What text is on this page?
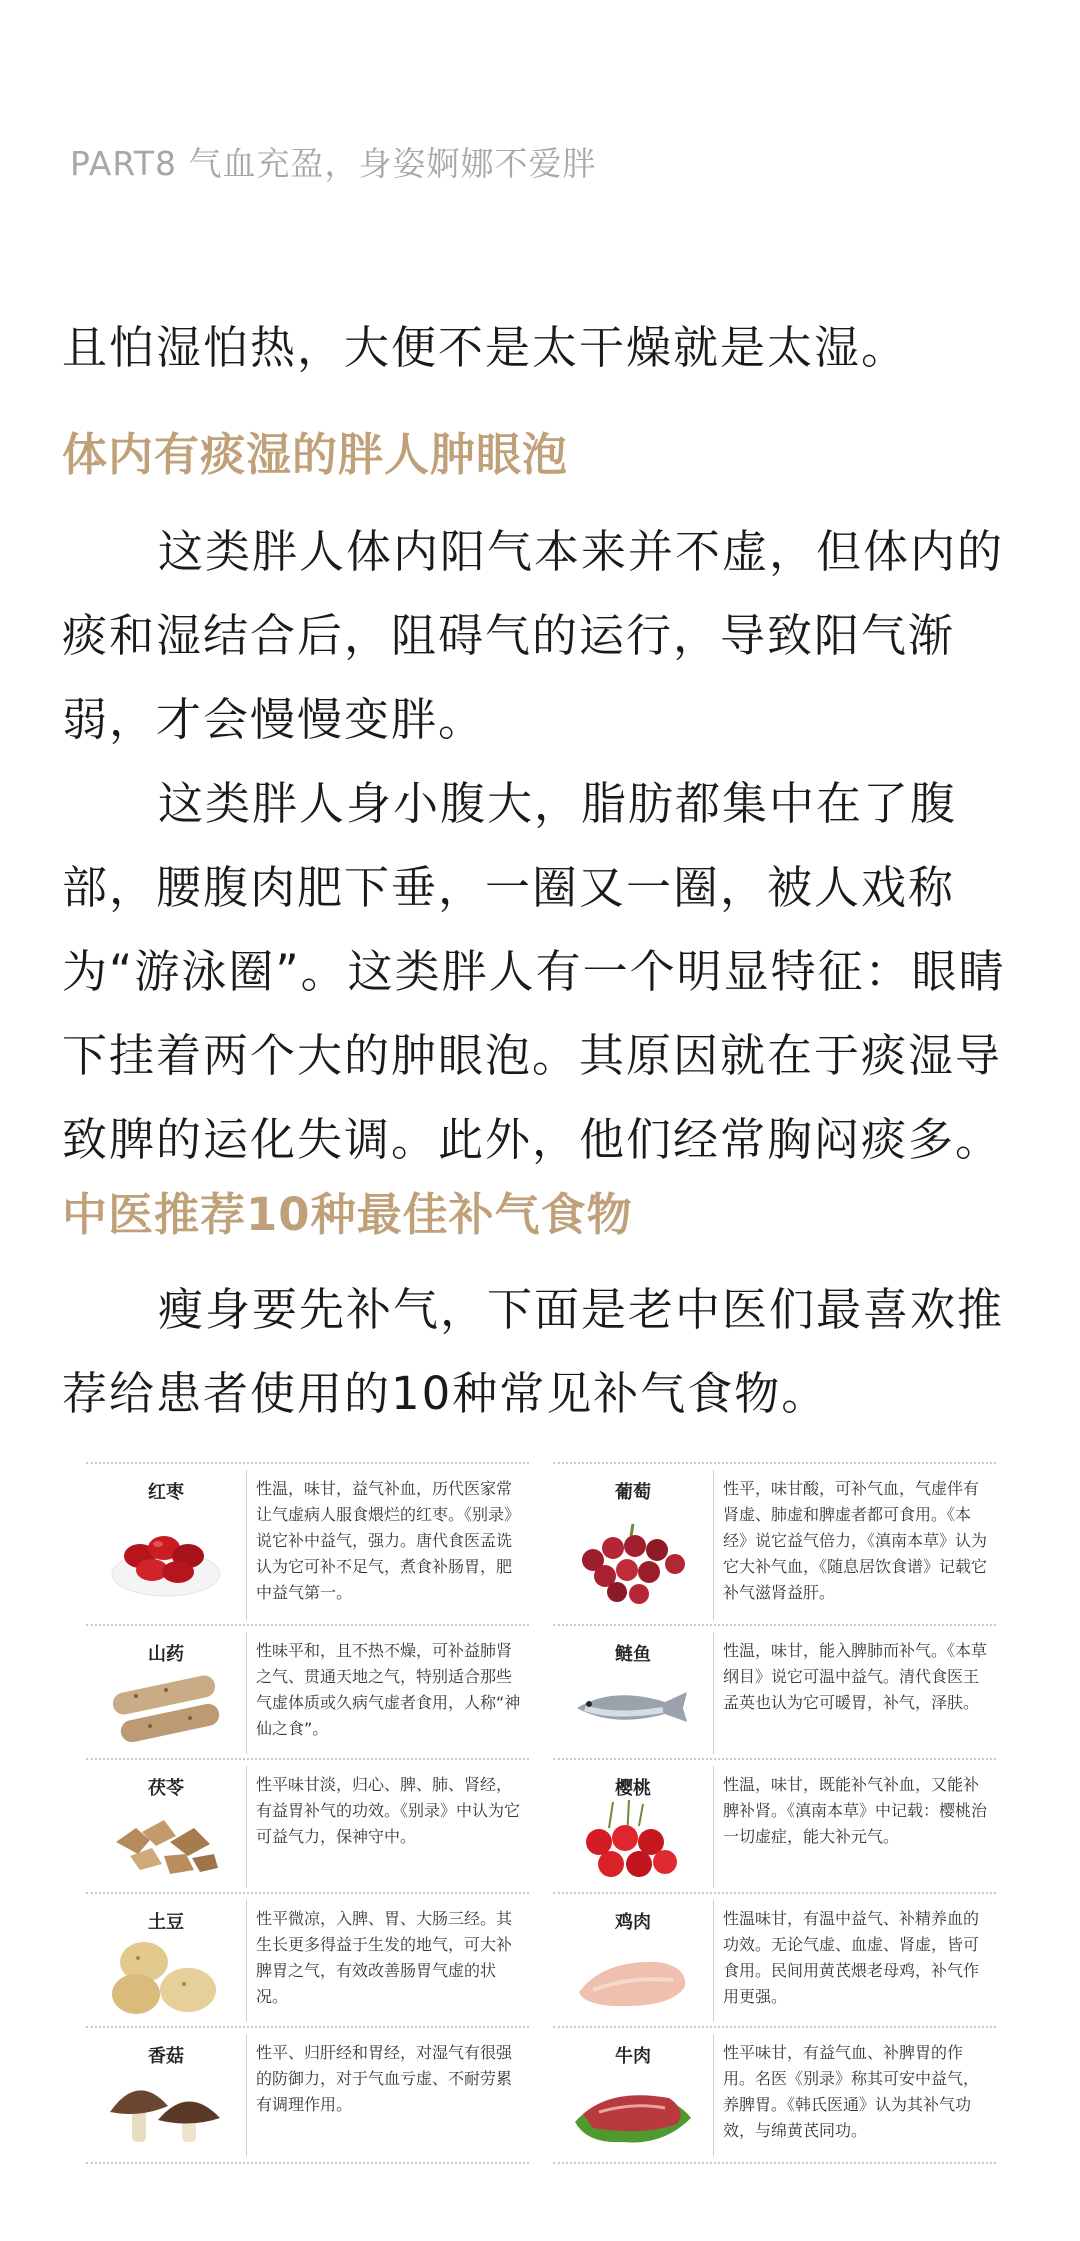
PART8 气血充盈，身姿婀娜不爱胖
且怕湿怕热，大便不是太干燥就是太湿。
体内有痰湿的胖人肿眼泡
这类胖人体内阳气本来并不虚，但体内的痰和湿结合后，阻碍气的运行，导致阳气渐弱，才会慢慢变胖。
这类胖人身小腹大，脂肪都集中在了腹部，腰腹肉肥下垂，一圈又一圈，被人戏称为“游泳圈”。这类胖人有一个明显特征：眼睛下挂着两个大的肿眼泡。其原因就在于痰湿导致脾的运化失调。此外，他们经常胸闷痰多。
中医推荐10种最佳补气食物
瘦身要先补气，下面是老中医们最喜欢推荐给患者使用的10种常见补气食物。
红枣	性温，味甘，益气补血，历代医家常让气虚病人服食煨烂的红枣。《别录》说它补中益气，强力。唐代食医孟诜认为它可补不足气，煮食补肠胃，肥中益气第一。
山药	性味平和，且不热不燥，可补益肺肾之气、贯通天地之气，特别适合那些气虚体质或久病气虚者食用，人称“神仙之食”。
茯苓	性平味甘淡，归心、脾、肺、肾经，有益胃补气的功效。《别录》中认为它可益气力，保神守中。
土豆	性平微凉，入脾、胃、大肠三经。其生长更多得益于生发的地气，可大补脾胃之气，有效改善肠胃气虚的状况。
香菇	性平、归肝经和胃经，对湿气有很强的防御力，对于气血亏虚、不耐劳累有调理作用。
葡萄	性平，味甘酸，可补气血，气虚伴有肾虚、肺虚和脾虚者都可食用。《本经》说它益气倍力，《滇南本草》认为它大补气血，《随息居饮食谱》记载它补气滋肾益肝。
鲢鱼	性温，味甘，能入脾肺而补气。《本草纲目》说它可温中益气。清代食医王孟英也认为它可暖胃，补气，泽肤。
樱桃	性温，味甘，既能补气补血，又能补脾补肾。《滇南本草》中记载：樱桃治一切虚症，能大补元气。
鸡肉	性温味甘，有温中益气、补精养血的功效。无论气虚、血虚、肾虚，皆可食用。民间用黄芪煨老母鸡，补气作用更强。
牛肉	性平味甘，有益气血、补脾胃的作用。名医《别录》称其可安中益气，养脾胃。《韩氏医通》认为其补气功效，与绵黄芪同功。
